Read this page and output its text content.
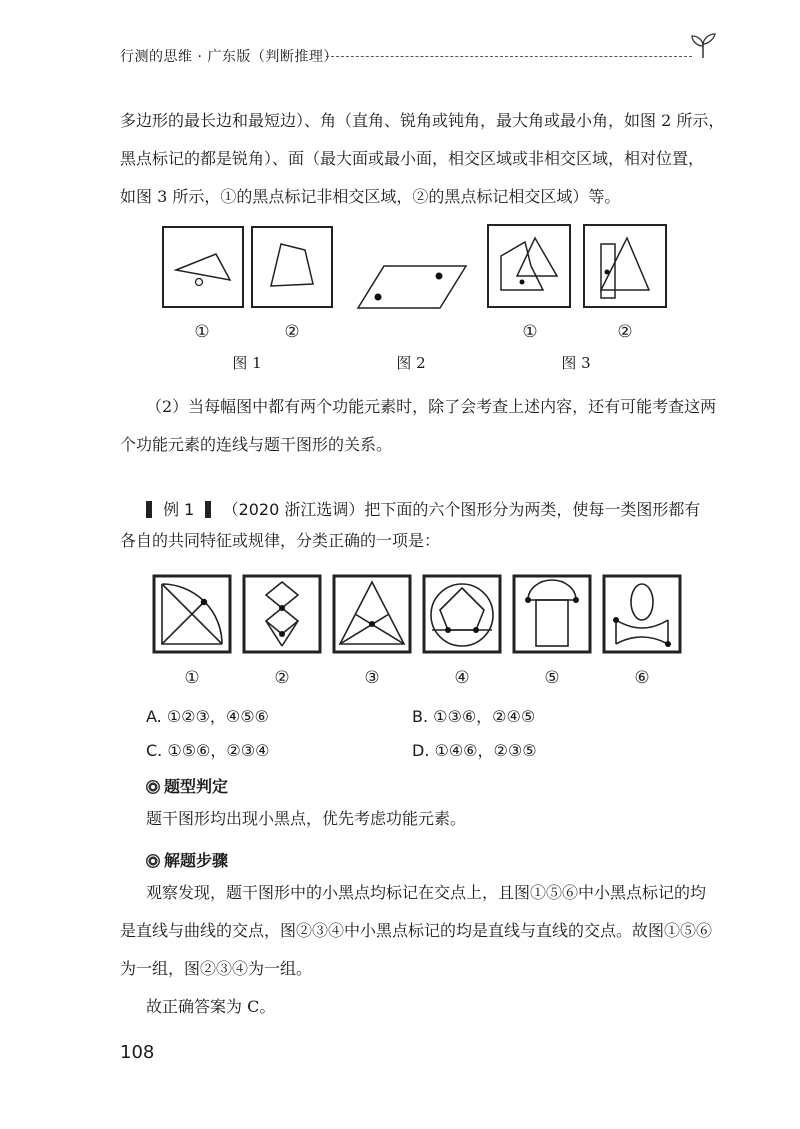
行测的思维 · 广东版（判断推理）

多边形的最长边和最短边）、角（直角、锐角或钝角，最大角或最小角，如图 2 所示，

黑点标记的都是锐角）、面（最大面或最小面，相交区域或非相交区域，相对位置，

如图 3 所示，①的黑点标记非相交区域，②的黑点标记相交区域）等。

①	②
图 1	图 2
①	②
图 3

（2）当每幅图中都有两个功能元素时，除了会考查上述内容，还有可能考查这两

个功能元素的连线与题干图形的关系。

例 1 （2020 浙江选调）把下面的六个图形分为两类，使每一类图形都有

各自的共同特征或规律，分类正确的一项是：

①	②	③	④	⑤	⑥
A. ①②③，④⑤⑥	B. ①③⑥，②④⑤
C. ①⑤⑥，②③④	D. ①④⑥，②③⑤
题型判定

题干图形均出现小黑点，优先考虑功能元素。

解题步骤

观察发现，题干图形中的小黑点均标记在交点上，且图①⑤⑥中小黑点标记的均

是直线与曲线的交点，图②③④中小黑点标记的均是直线与直线的交点。故图①⑤⑥

为一组，图②③④为一组。

故正确答案为 C。

108
